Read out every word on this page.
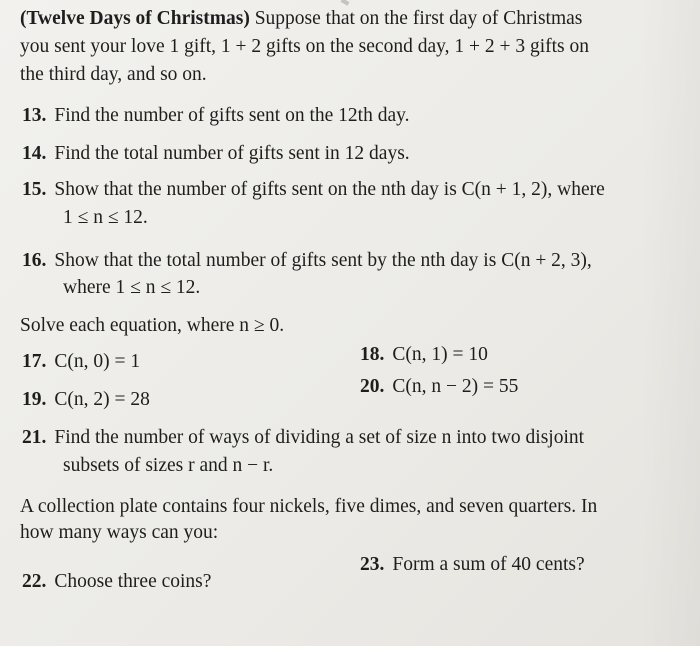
(Twelve Days of Christmas) Suppose that on the first day of Christmas
you sent your love 1 gift, 1 + 2 gifts on the second day, 1 + 2 + 3 gifts on
the third day, and so on.
13. Find the number of gifts sent on the 12th day.
14. Find the total number of gifts sent in 12 days.
15. Show that the number of gifts sent on the nth day is C(n + 1, 2), where
1 ≤ n ≤ 12.
16. Show that the total number of gifts sent by the nth day is C(n + 2, 3),
where 1 ≤ n ≤ 12.
Solve each equation, where n ≥ 0.
17. C(n, 0) = 1	18. C(n, 1) = 10
19. C(n, 2) = 28
20. C(n, n − 2) = 55
21. Find the number of ways of dividing a set of size n into two disjoint
subsets of sizes r and n − r.
A collection plate contains four nickels, five dimes, and seven quarters. In
how many ways can you:
22. Choose three coins?
23. Form a sum of 40 cents?
